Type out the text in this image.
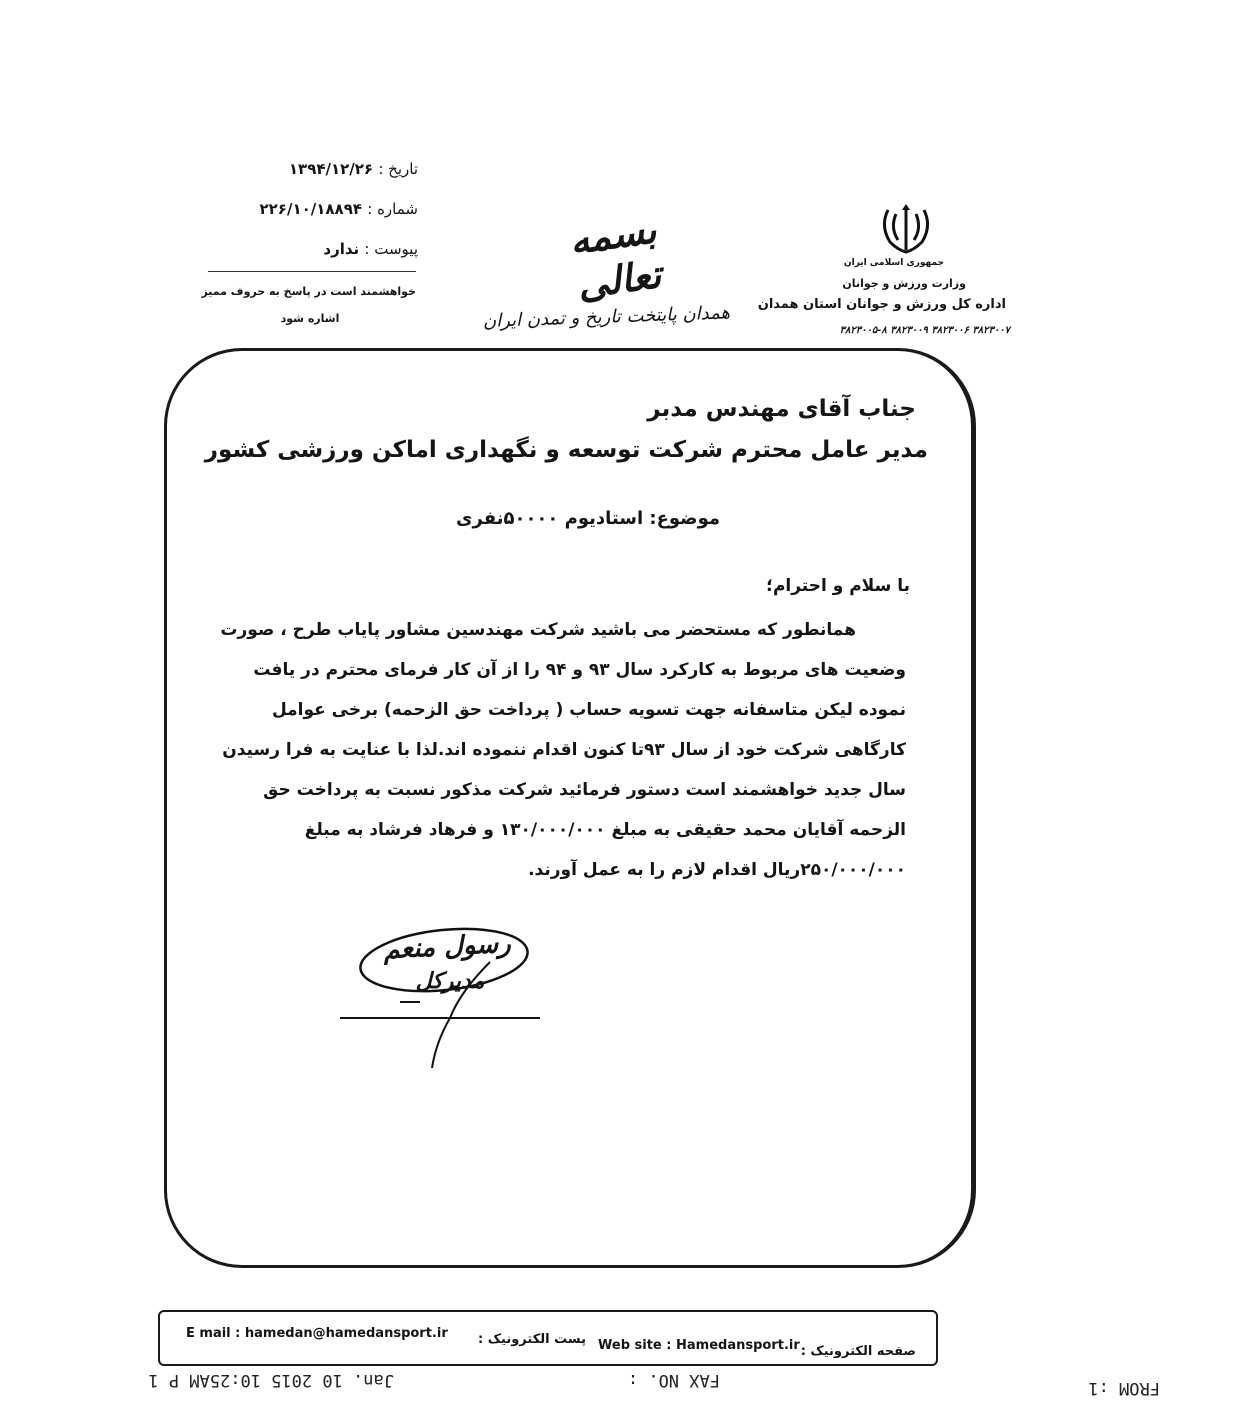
تاریخ : ۱۳۹۴/۱۲/۲۶
شماره : ۲۲۶/۱۰/۱۸۸۹۴
پیوست : ندارد
خواهشمند است در پاسخ به حروف ممیز
اشاره شود
بسمه تعالی
همدان پایتخت تاریخ و تمدن ایران
جمهوری اسلامی ایران
وزارت ورزش و جوانان
اداره کل ورزش و جوانان استان همدان
۳۸۲۳۰۰۵-۸ ۳۸۲۳۰۰۹ ۳۸۲۳۰۰۶ ۳۸۲۳۰۰۷
جناب آقای مهندس مدبر
مدیر عامل محترم شرکت توسعه و نگهداری اماکن ورزشی کشور
موضوع: استادیوم ۵۰۰۰۰نفری
با سلام و احترام؛
همانطور که مستحضر می باشید شرکت مهندسین مشاور پایاب طرح ، صورت
وضعیت های مربوط به کارکرد سال ۹۳ و ۹۴ را از آن کار فرمای محترم در یافت
نموده لیکن متاسفانه جهت تسویه حساب ( پرداخت حق الزحمه) برخی عوامل
کارگاهی شرکت خود از سال ۹۳تا کنون اقدام ننموده اند.لذا با عنایت به فرا رسیدن
سال جدید خواهشمند است دستور فرمائید شرکت مذکور نسبت به پرداخت حق
الزحمه آقایان محمد حقیقی به مبلغ ۱۳۰/۰۰۰/۰۰۰ و فرهاد فرشاد به مبلغ
۲۵۰/۰۰۰/۰۰۰ریال اقدام لازم را به عمل آورند.
رسول منعم
مدیرکل
صفحه الکترونیک :
Web site : Hamedansport.ir
پست الکترونیک :
E mail : hamedan@hamedansport.ir
Jan. 10 2015 10:25AM P 1	FAX NO. :	FROM :1
